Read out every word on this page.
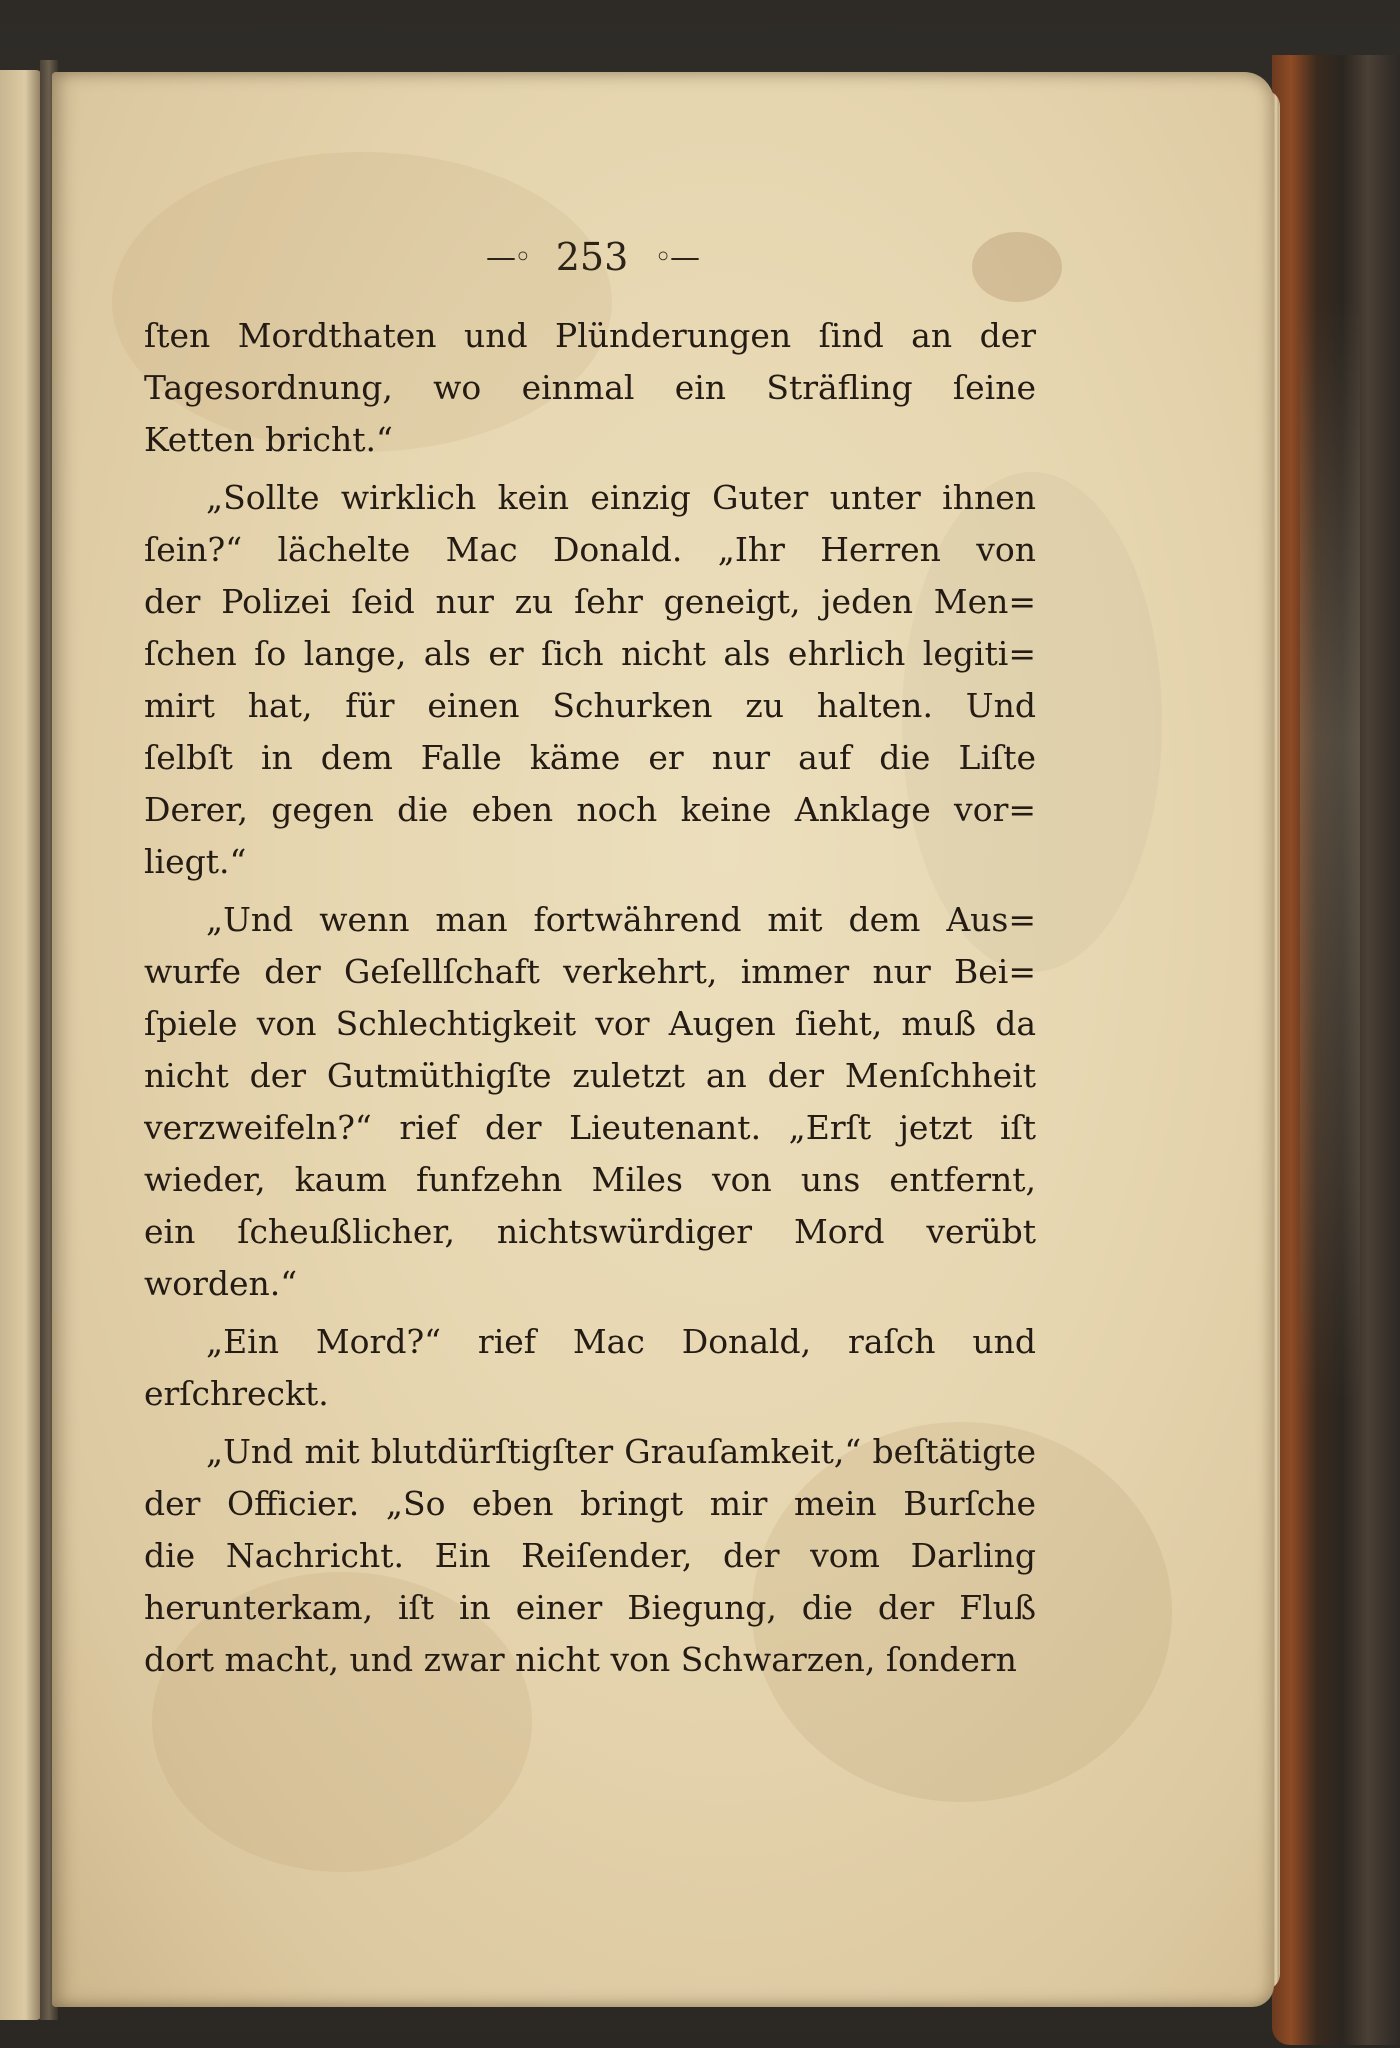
—◦ 253 ◦—
ſten Mordthaten und Plünderungen ſind an der
Tagesordnung, wo einmal ein Sträfling ſeine
Ketten bricht.“
„Sollte wirklich kein einzig Guter unter ihnen
ſein?“ lächelte Mac Donald. „Ihr Herren von
der Polizei ſeid nur zu ſehr geneigt, jeden Men=
ſchen ſo lange, als er ſich nicht als ehrlich legiti=
mirt hat, für einen Schurken zu halten. Und
ſelbſt in dem Falle käme er nur auf die Liſte
Derer, gegen die eben noch keine Anklage vor=
liegt.“
„Und wenn man fortwährend mit dem Aus=
wurfe der Geſellſchaft verkehrt, immer nur Bei=
ſpiele von Schlechtigkeit vor Augen ſieht, muß da
nicht der Gutmüthigſte zuletzt an der Menſchheit
verzweifeln?“ rief der Lieutenant. „Erſt jetzt iſt
wieder, kaum funfzehn Miles von uns entfernt,
ein ſcheußlicher, nichtswürdiger Mord verübt
worden.“
„Ein Mord?“ rief Mac Donald, raſch und
erſchreckt.
„Und mit blutdürſtigſter Grauſamkeit,“ beſtätigte
der Officier. „So eben bringt mir mein Burſche
die Nachricht. Ein Reiſender, der vom Darling
herunterkam, iſt in einer Biegung, die der Fluß
dort macht, und zwar nicht von Schwarzen, ſondern
